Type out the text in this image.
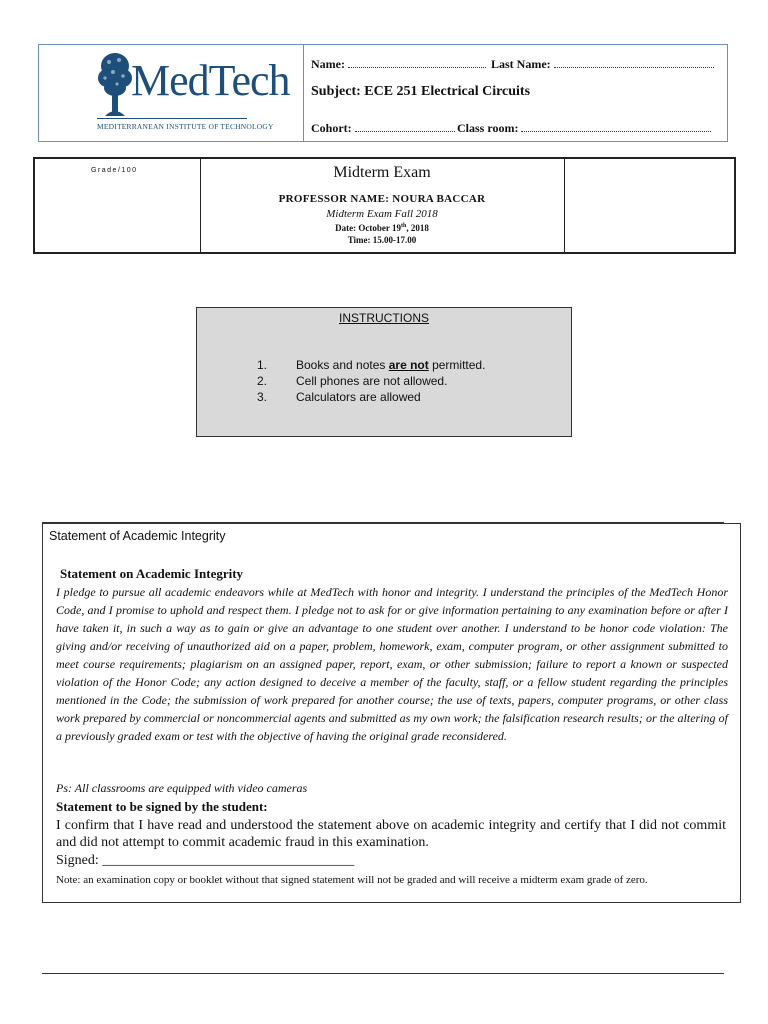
MedTech
MEDITERRANEAN INSTITUTE OF TECHNOLOGY
Name:	Last Name:
Subject: ECE 251 Electrical Circuits
Cohort:	Class room:
Grade/100	Midterm Exam
PROFESSOR NAME: NOURA BACCAR
Midterm Exam Fall 2018
Date: October 19th, 2018
Time: 15.00-17.00
INSTRUCTIONS
1. Books and notes are not permitted.
2. Cell phones are not allowed.
3. Calculators are allowed
Statement of Academic Integrity
Statement on Academic Integrity
I pledge to pursue all academic endeavors while at MedTech with honor and integrity. I understand the principles of the MedTech Honor Code, and I promise to uphold and respect them. I pledge not to ask for or give information pertaining to any examination before or after I have taken it, in such a way as to gain or give an advantage to one student over another. I understand to be honor code violation: The giving and/or receiving of unauthorized aid on a paper, problem, homework, exam, computer program, or other assignment submitted to meet course requirements; plagiarism on an assigned paper, report, exam, or other submission; failure to report a known or suspected violation of the Honor Code; any action designed to deceive a member of the faculty, staff, or a fellow student regarding the principles mentioned in the Code; the submission of work prepared for another course; the use of texts, papers, computer programs, or other class work prepared by commercial or noncommercial agents and submitted as my own work; the falsification research results; or the altering of a previously graded exam or test with the objective of having the original grade reconsidered.
Ps: All classrooms are equipped with video cameras
Statement to be signed by the student:
I confirm that I have read and understood the statement above on academic integrity and certify that I did not commit and did not attempt to commit academic fraud in this examination.
Signed: ____________________________________
Note: an examination copy or booklet without that signed statement will not be graded and will receive a midterm exam grade of zero.
